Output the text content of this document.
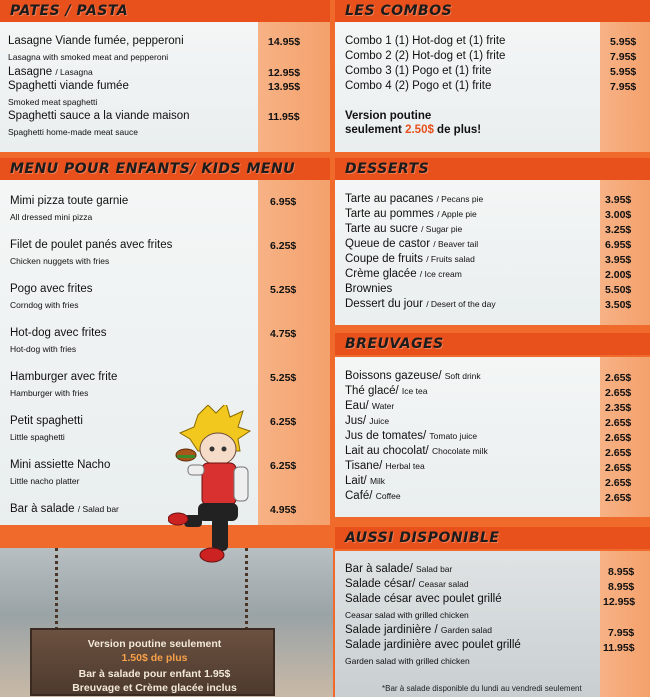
PATES / PASTA
Lasagne Viande fumée, pepperoni
Lasagna with smoked meat and pepperoni
14.95$
Lasagne / Lasagna	12.95$
Spaghetti viande fumée
Smoked meat spaghetti
13.95$
Spaghetti sauce a la viande maison
Spaghetti home-made meat sauce
11.95$
LES COMBOS
Combo 1 (1) Hot-dog et (1) frite	5.95$
Combo 2 (2) Hot-dog et (1) frite	7.95$
Combo 3 (1) Pogo et (1) frite	5.95$
Combo 4 (2) Pogo et (1) frite	7.95$
Version poutine
seulement 2.50$ de plus!
MENU POUR ENFANTS/ KIDS MENU
Mimi pizza toute garnie
All dressed mini pizza
6.95$
Filet de poulet panés avec frites
Chicken nuggets with fries
6.25$
Pogo avec frites
Corndog with fries
5.25$
Hot-dog avec frites
Hot-dog with fries
4.75$
Hamburger avec frite
Hamburger with fries
5.25$
Petit spaghetti
Little spaghetti
6.25$
Mini assiette Nacho
Little nacho platter
6.25$
Bar à salade / Salad bar	4.95$
DESSERTS
Tarte au pacanes / Pecans pie	3.95$
Tarte au pommes / Apple pie	3.00$
Tarte au sucre / Sugar pie	3.25$
Queue de castor / Beaver tail	6.95$
Coupe de fruits / Fruits salad	3.95$
Crème glacée / Ice cream	2.00$
Brownies	5.50$
Dessert du jour / Desert of the day	3.50$
BREUVAGES
Boissons gazeuse/ Soft drink	2.65$
Thé glacé/ Ice tea	2.65$
Eau/ Water	2.35$
Jus/ Juice	2.65$
Jus de tomates/ Tomato juice	2.65$
Lait au chocolat/ Chocolate milk	2.65$
Tisane/ Herbal tea	2.65$
Lait/ Milk	2.65$
Café/ Coffee	2.65$
AUSSI DISPONIBLE
Bar à salade/ Salad bar	8.95$
Salade césar/ Ceasar salad	8.95$
Salade césar avec poulet grillé
Ceasar salad with grilled chicken
12.95$
Salade jardinière / Garden salad	7.95$
Salade jardinière avec poulet grillé
Garden salad with grilled chicken
11.95$
*Bar à salade disponible du lundi au vendredi seulement
Version poutine seulement
1.50$ de plus
Bar à salade pour enfant 1.95$
Breuvage et Crème glacée inclus
